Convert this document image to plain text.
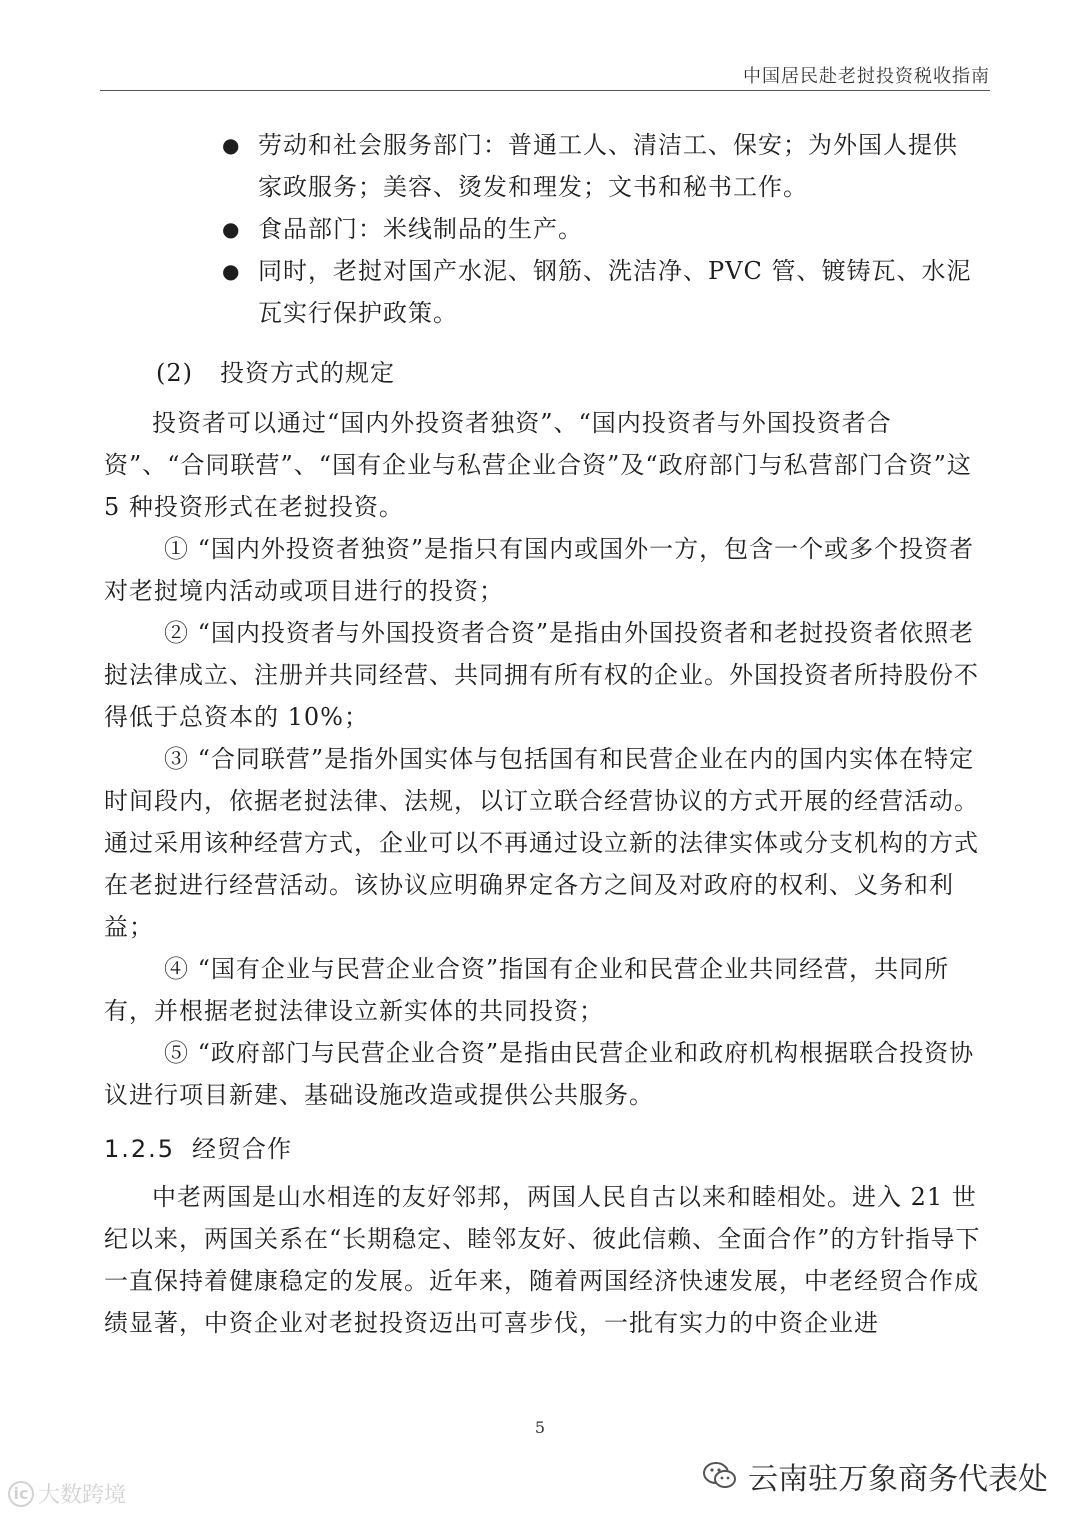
中国居民赴老挝投资税收指南
● 劳动和社会服务部门：普通工人、清洁工、保安；为外国人提供
家政服务；美容、烫发和理发；文书和秘书工作。
● 食品部门：米线制品的生产。
● 同时，老挝对国产水泥、钢筋、洗洁净、PVC 管、镀铸瓦、水泥
瓦实行保护政策。
(2) 投资方式的规定

投资者可以通过“国内外投资者独资”、“国内投资者与外国投资者合资”、“合同联营”、“国有企业与私营企业合资”及“政府部门与私营部门合资”这 5 种投资形式在老挝投资。

① “国内外投资者独资”是指只有国内或国外一方，包含一个或多个投资者对老挝境内活动或项目进行的投资；

② “国内投资者与外国投资者合资”是指由外国投资者和老挝投资者依照老挝法律成立、注册并共同经营、共同拥有所有权的企业。外国投资者所持股份不得低于总资本的 10%；

③ “合同联营”是指外国实体与包括国有和民营企业在内的国内实体在特定时间段内，依据老挝法律、法规，以订立联合经营协议的方式开展的经营活动。通过采用该种经营方式，企业可以不再通过设立新的法律实体或分支机构的方式在老挝进行经营活动。该协议应明确界定各方之间及对政府的权利、义务和利益；

④ “国有企业与民营企业合资”指国有企业和民营企业共同经营，共同所有，并根据老挝法律设立新实体的共同投资；

⑤ “政府部门与民营企业合资”是指由民营企业和政府机构根据联合投资协议进行项目新建、基础设施改造或提供公共服务。

1.2.5 经贸合作

中老两国是山水相连的友好邻邦，两国人民自古以来和睦相处。进入 21 世纪以来，两国关系在“长期稳定、睦邻友好、彼此信赖、全面合作”的方针指导下一直保持着健康稳定的发展。近年来，随着两国经济快速发展，中老经贸合作成绩显著，中资企业对老挝投资迈出可喜步伐，一批有实力的中资企业进

5
ic 大数跨境	云南驻万象商务代表处
